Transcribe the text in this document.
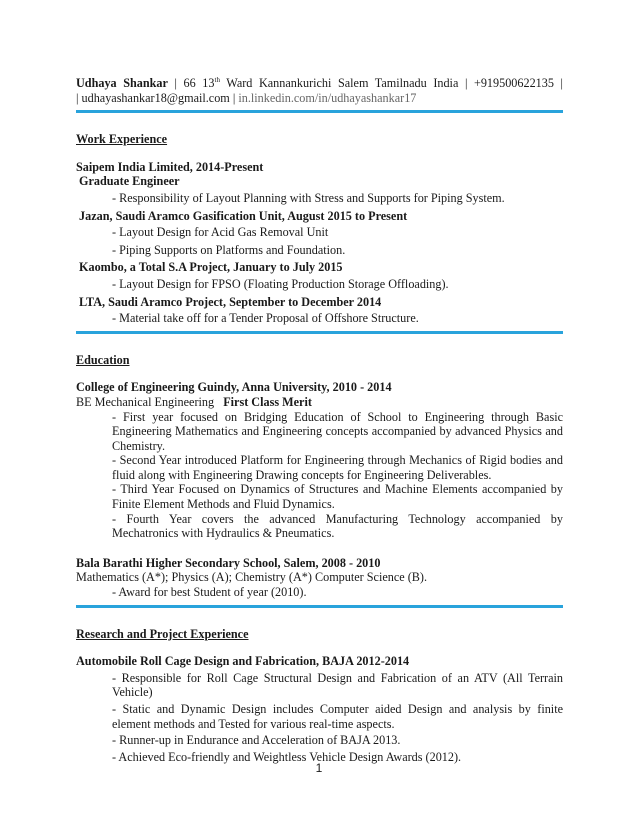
Udhaya Shankar | 66 13th Ward Kannankurichi Salem Tamilnadu India | +919500622135 |
| udhayashankar18@gmail.com | in.linkedin.com/in/udhayashankar17
Work Experience
Saipem India Limited, 2014-Present
Graduate Engineer
- Responsibility of Layout Planning with Stress and Supports for Piping System.
Jazan, Saudi Aramco Gasification Unit, August 2015 to Present
- Layout Design for Acid Gas Removal Unit
- Piping Supports on Platforms and Foundation.
Kaombo, a Total S.A Project, January to July 2015
- Layout Design for FPSO (Floating Production Storage Offloading).
LTA, Saudi Aramco Project, September to December 2014
- Material take off for a Tender Proposal of Offshore Structure.
Education
College of Engineering Guindy, Anna University, 2010 - 2014
BE Mechanical Engineering First Class Merit
- First year focused on Bridging Education of School to Engineering through Basic Engineering Mathematics and Engineering concepts accompanied by advanced Physics and Chemistry.
- Second Year introduced Platform for Engineering through Mechanics of Rigid bodies and fluid along with Engineering Drawing concepts for Engineering Deliverables.
- Third Year Focused on Dynamics of Structures and Machine Elements accompanied by Finite Element Methods and Fluid Dynamics.
- Fourth Year covers the advanced Manufacturing Technology accompanied by Mechatronics with Hydraulics & Pneumatics.
Bala Barathi Higher Secondary School, Salem, 2008 - 2010
Mathematics (A*); Physics (A); Chemistry (A*) Computer Science (B).
- Award for best Student of year (2010).
Research and Project Experience
Automobile Roll Cage Design and Fabrication, BAJA 2012-2014
- Responsible for Roll Cage Structural Design and Fabrication of an ATV (All Terrain Vehicle)
- Static and Dynamic Design includes Computer aided Design and analysis by finite element methods and Tested for various real-time aspects.
- Runner-up in Endurance and Acceleration of BAJA 2013.
- Achieved Eco-friendly and Weightless Vehicle Design Awards (2012).
1
